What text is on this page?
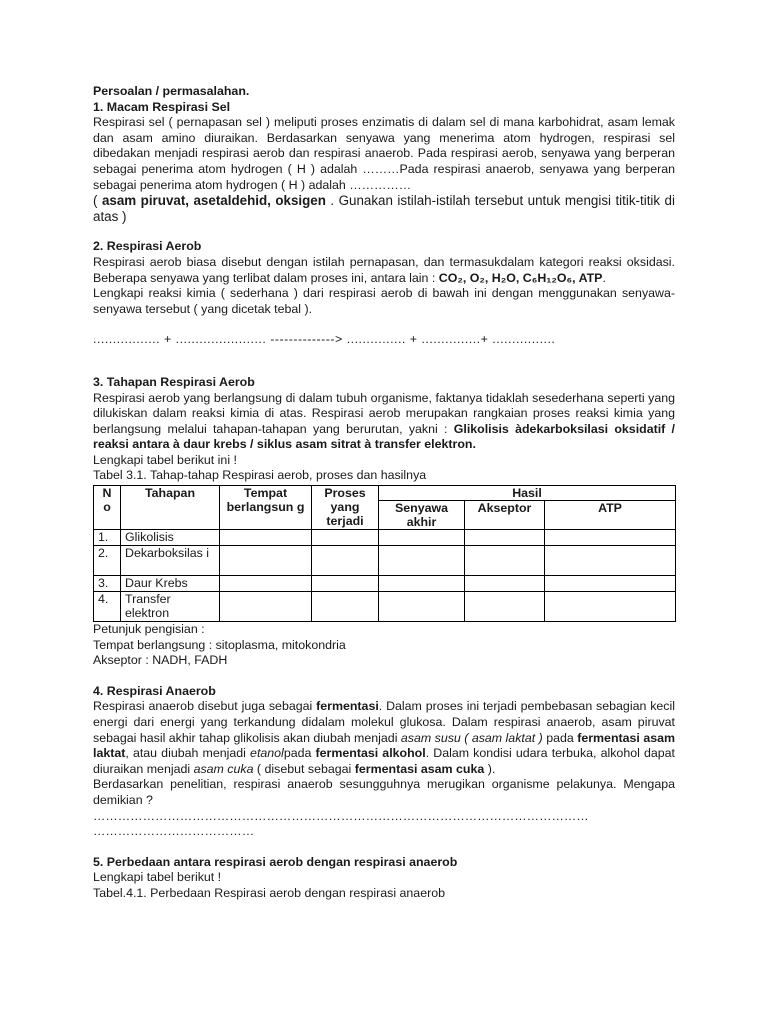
Persoalan / permasalahan.

1. Macam Respirasi Sel

Respirasi sel ( pernapasan sel ) meliputi proses enzimatis di dalam sel di mana karbohidrat, asam lemak dan asam amino diuraikan. Berdasarkan senyawa yang menerima atom hydrogen, respirasi sel dibedakan menjadi respirasi aerob dan respirasi anaerob. Pada respirasi aerob, senyawa yang berperan sebagai penerima atom hydrogen ( H ) adalah ………Pada respirasi anaerob, senyawa yang berperan sebagai penerima atom hydrogen ( H ) adalah ……………

( asam piruvat, asetaldehid, oksigen . Gunakan istilah-istilah tersebut untuk mengisi titik-titik di atas )

2. Respirasi Aerob

Respirasi aerob biasa disebut dengan istilah pernapasan, dan termasukdalam kategori reaksi oksidasi. Beberapa senyawa yang terlibat dalam proses ini, antara lain : CO₂, O₂, H₂O, C₆H₁₂O₆, ATP.

Lengkapi reaksi kimia ( sederhana ) dari respirasi aerob di bawah ini dengan menggunakan senyawa-senyawa tersebut ( yang dicetak tebal ).

................. + ....................... --------------> ............... + ...............+ ................

3. Tahapan Respirasi Aerob

Respirasi aerob yang berlangsung di dalam tubuh organisme, faktanya tidaklah sesederhana seperti yang dilukiskan dalam reaksi kimia di atas. Respirasi aerob merupakan rangkaian proses reaksi kimia yang berlangsung melalui tahapan-tahapan yang berurutan, yakni : Glikolisis àdekarboksilasi oksidatif / reaksi antara à daur krebs / siklus asam sitrat à transfer elektron.

Lengkapi tabel berikut ini !

Tabel 3.1. Tahap-tahap Respirasi aerob, proses dan hasilnya

N o	Tahapan	Tempat berlangsun g	Proses yang terjadi	Hasil		
				Senyawa akhir	Akseptor	ATP
1.	Glikolisis					
2.	Dekarboksilas i					
3.	Daur Krebs					
4.	Transfer elektron					

Petunjuk pengisian :

Tempat berlangsung : sitoplasma, mitokondria

Akseptor : NADH, FADH

4. Respirasi Anaerob

Respirasi anaerob disebut juga sebagai fermentasi. Dalam proses ini terjadi pembebasan sebagian kecil energi dari energi yang terkandung didalam molekul glukosa. Dalam respirasi anaerob, asam piruvat sebagai hasil akhir tahap glikolisis akan diubah menjadi asam susu ( asam laktat ) pada fermentasi asam laktat, atau diubah menjadi etanolpada fermentasi alkohol. Dalam kondisi udara terbuka, alkohol dapat diuraikan menjadi asam cuka ( disebut sebagai fermentasi asam cuka ).

Berdasarkan penelitian, respirasi anaerob sesungguhnya merugikan organisme pelakunya. Mengapa demikian ?

…………………………………………………………………………………………………………

…………………………………

5. Perbedaan antara respirasi aerob dengan respirasi anaerob

Lengkapi tabel berikut !

Tabel.4.1. Perbedaan Respirasi aerob dengan respirasi anaerob
